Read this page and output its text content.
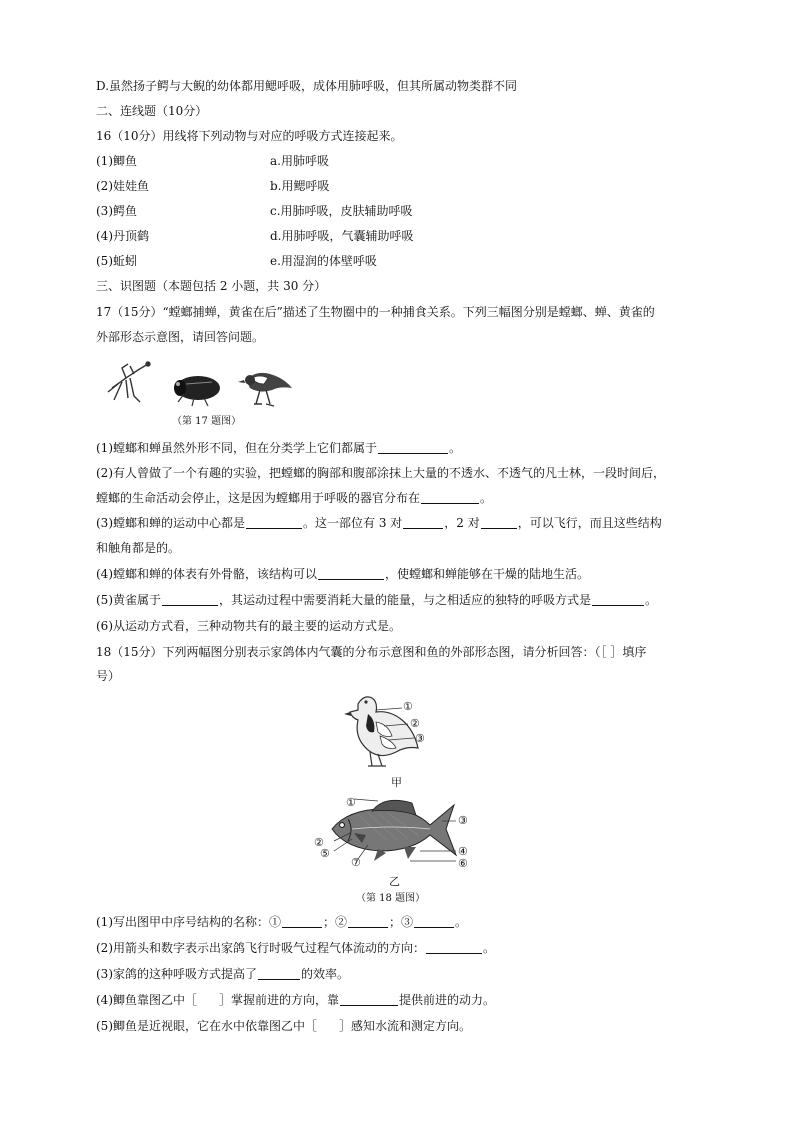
D.虽然扬子鳄与大鲵的幼体都用鳃呼吸，成体用肺呼吸，但其所属动物类群不同
二、连线题（10分）
16（10分）用线将下列动物与对应的呼吸方式连接起来。
(1)鲫鱼	a.用肺呼吸
(2)娃娃鱼	b.用鳃呼吸
(3)鳄鱼	c.用肺呼吸，皮肤辅助呼吸
(4)丹顶鹤	d.用肺呼吸，气囊辅助呼吸
(5)蚯蚓	e.用湿润的体壁呼吸
三、识图题（本题包括 2 小题，共 30 分）
17（15分）“螳螂捕蝉，黄雀在后”描述了生物圈中的一种捕食关系。下列三幅图分别是螳螂、蝉、黄雀的
外部形态示意图，请回答问题。
（第 17 题图）
(1)螳螂和蝉虽然外形不同，但在分类学上它们都属于	。
(2)有人曾做了一个有趣的实验，把螳螂的胸部和腹部涂抹上大量的不透水、不透气的凡士林，一段时间后，
螳螂的生命活动会停止，这是因为螳螂用于呼吸的器官分布在	。
(3)螳螂和蝉的运动中心都是	。这一部位有 3 对	，2 对	，可以飞行，而且这些结构
和触角都是的。
(4)螳螂和蝉的体表有外骨骼，该结构可以	，使螳螂和蝉能够在干燥的陆地生活。
(5)黄雀属于	，其运动过程中需要消耗大量的能量，与之相适应的独特的呼吸方式是	。
(6)从运动方式看，三种动物共有的最主要的运动方式是。
18（15分）下列两幅图分别表示家鸽体内气囊的分布示意图和鱼的外部形态图，请分析回答：（［ ］填序
号）
①
②
③
甲
①
②
⑤
⑦
③
④
⑥
乙
（第 18 题图）
(1)写出图甲中序号结构的名称：①	；②	；③	。
(2)用箭头和数字表示出家鸽飞行时吸气过程气体流动的方向：	。
(3)家鸽的这种呼吸方式提高了	的效率。
(4)鲫鱼靠图乙中［ ］掌握前进的方向，靠	提供前进的动力。
(5)鲫鱼是近视眼，它在水中依靠图乙中［ ］感知水流和测定方向。
